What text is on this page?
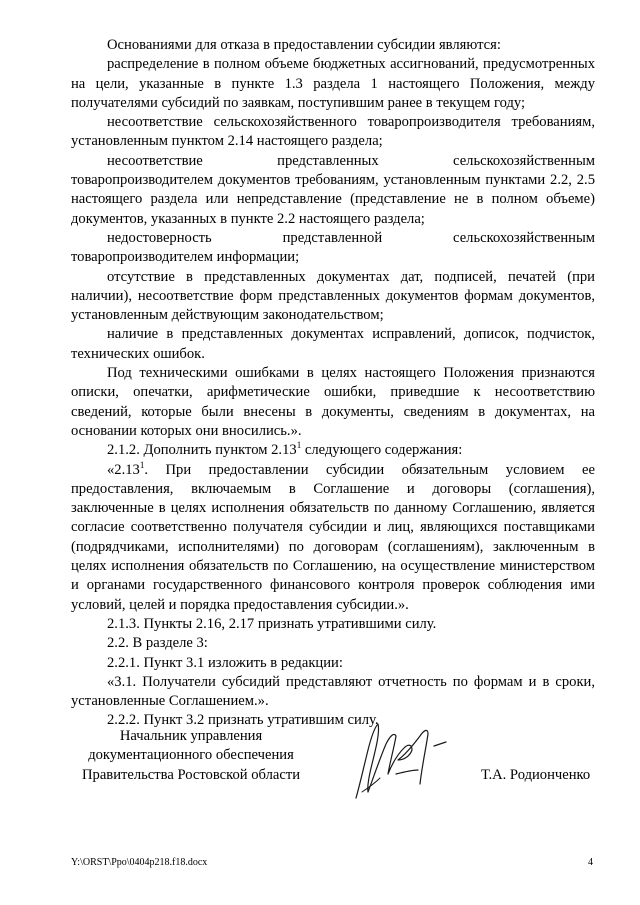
Основаниями для отказа в предоставлении субсидии являются:

распределение в полном объеме бюджетных ассигнований, предусмотренных на цели, указанные в пункте 1.3 раздела 1 настоящего Положения, между получателями субсидий по заявкам, поступившим ранее в текущем году;

несоответствие сельскохозяйственного товаропроизводителя требованиям, установленным пунктом 2.14 настоящего раздела;

несоответствие представленных сельскохозяйственным товаропроизводителем документов требованиям, установленным пунктами 2.2, 2.5 настоящего раздела или непредставление (представление не в полном объеме) документов, указанных в пункте 2.2 настоящего раздела;

недостоверность представленной сельскохозяйственным товаропроизводителем информации;

отсутствие в представленных документах дат, подписей, печатей (при наличии), несоответствие форм представленных документов формам документов, установленным действующим законодательством;

наличие в представленных документах исправлений, дописок, подчисток, технических ошибок.

Под техническими ошибками в целях настоящего Положения признаются описки, опечатки, арифметические ошибки, приведшие к несоответствию сведений, которые были внесены в документы, сведениям в документах, на основании которых они вносились.».

2.1.2. Дополнить пунктом 2.13$^1$ следующего содержания:

«2.13$^1$. При предоставлении субсидии обязательным условием ее предоставления, включаемым в Соглашение и договоры (соглашения), заключенные в целях исполнения обязательств по данному Соглашению, является согласие соответственно получателя субсидии и лиц, являющихся поставщиками (подрядчиками, исполнителями) по договорам (соглашениям), заключенным в целях исполнения обязательств по Соглашению, на осуществление министерством и органами государственного финансового контроля проверок соблюдения ими условий, целей и порядка предоставления субсидии.».

2.1.3. Пункты 2.16, 2.17 признать утратившими силу.

2.2. В разделе 3:

2.2.1. Пункт 3.1 изложить в редакции:

«3.1. Получатели субсидий представляют отчетность по формам и в сроки, установленные Соглашением.».

2.2.2. Пункт 3.2 признать утратившим силу.

Начальник управления
документационного обеспечения
Правительства Ростовской области	Т.А. Родионченко
Y:\ORST\Ppo\0404p218.f18.docx	4
